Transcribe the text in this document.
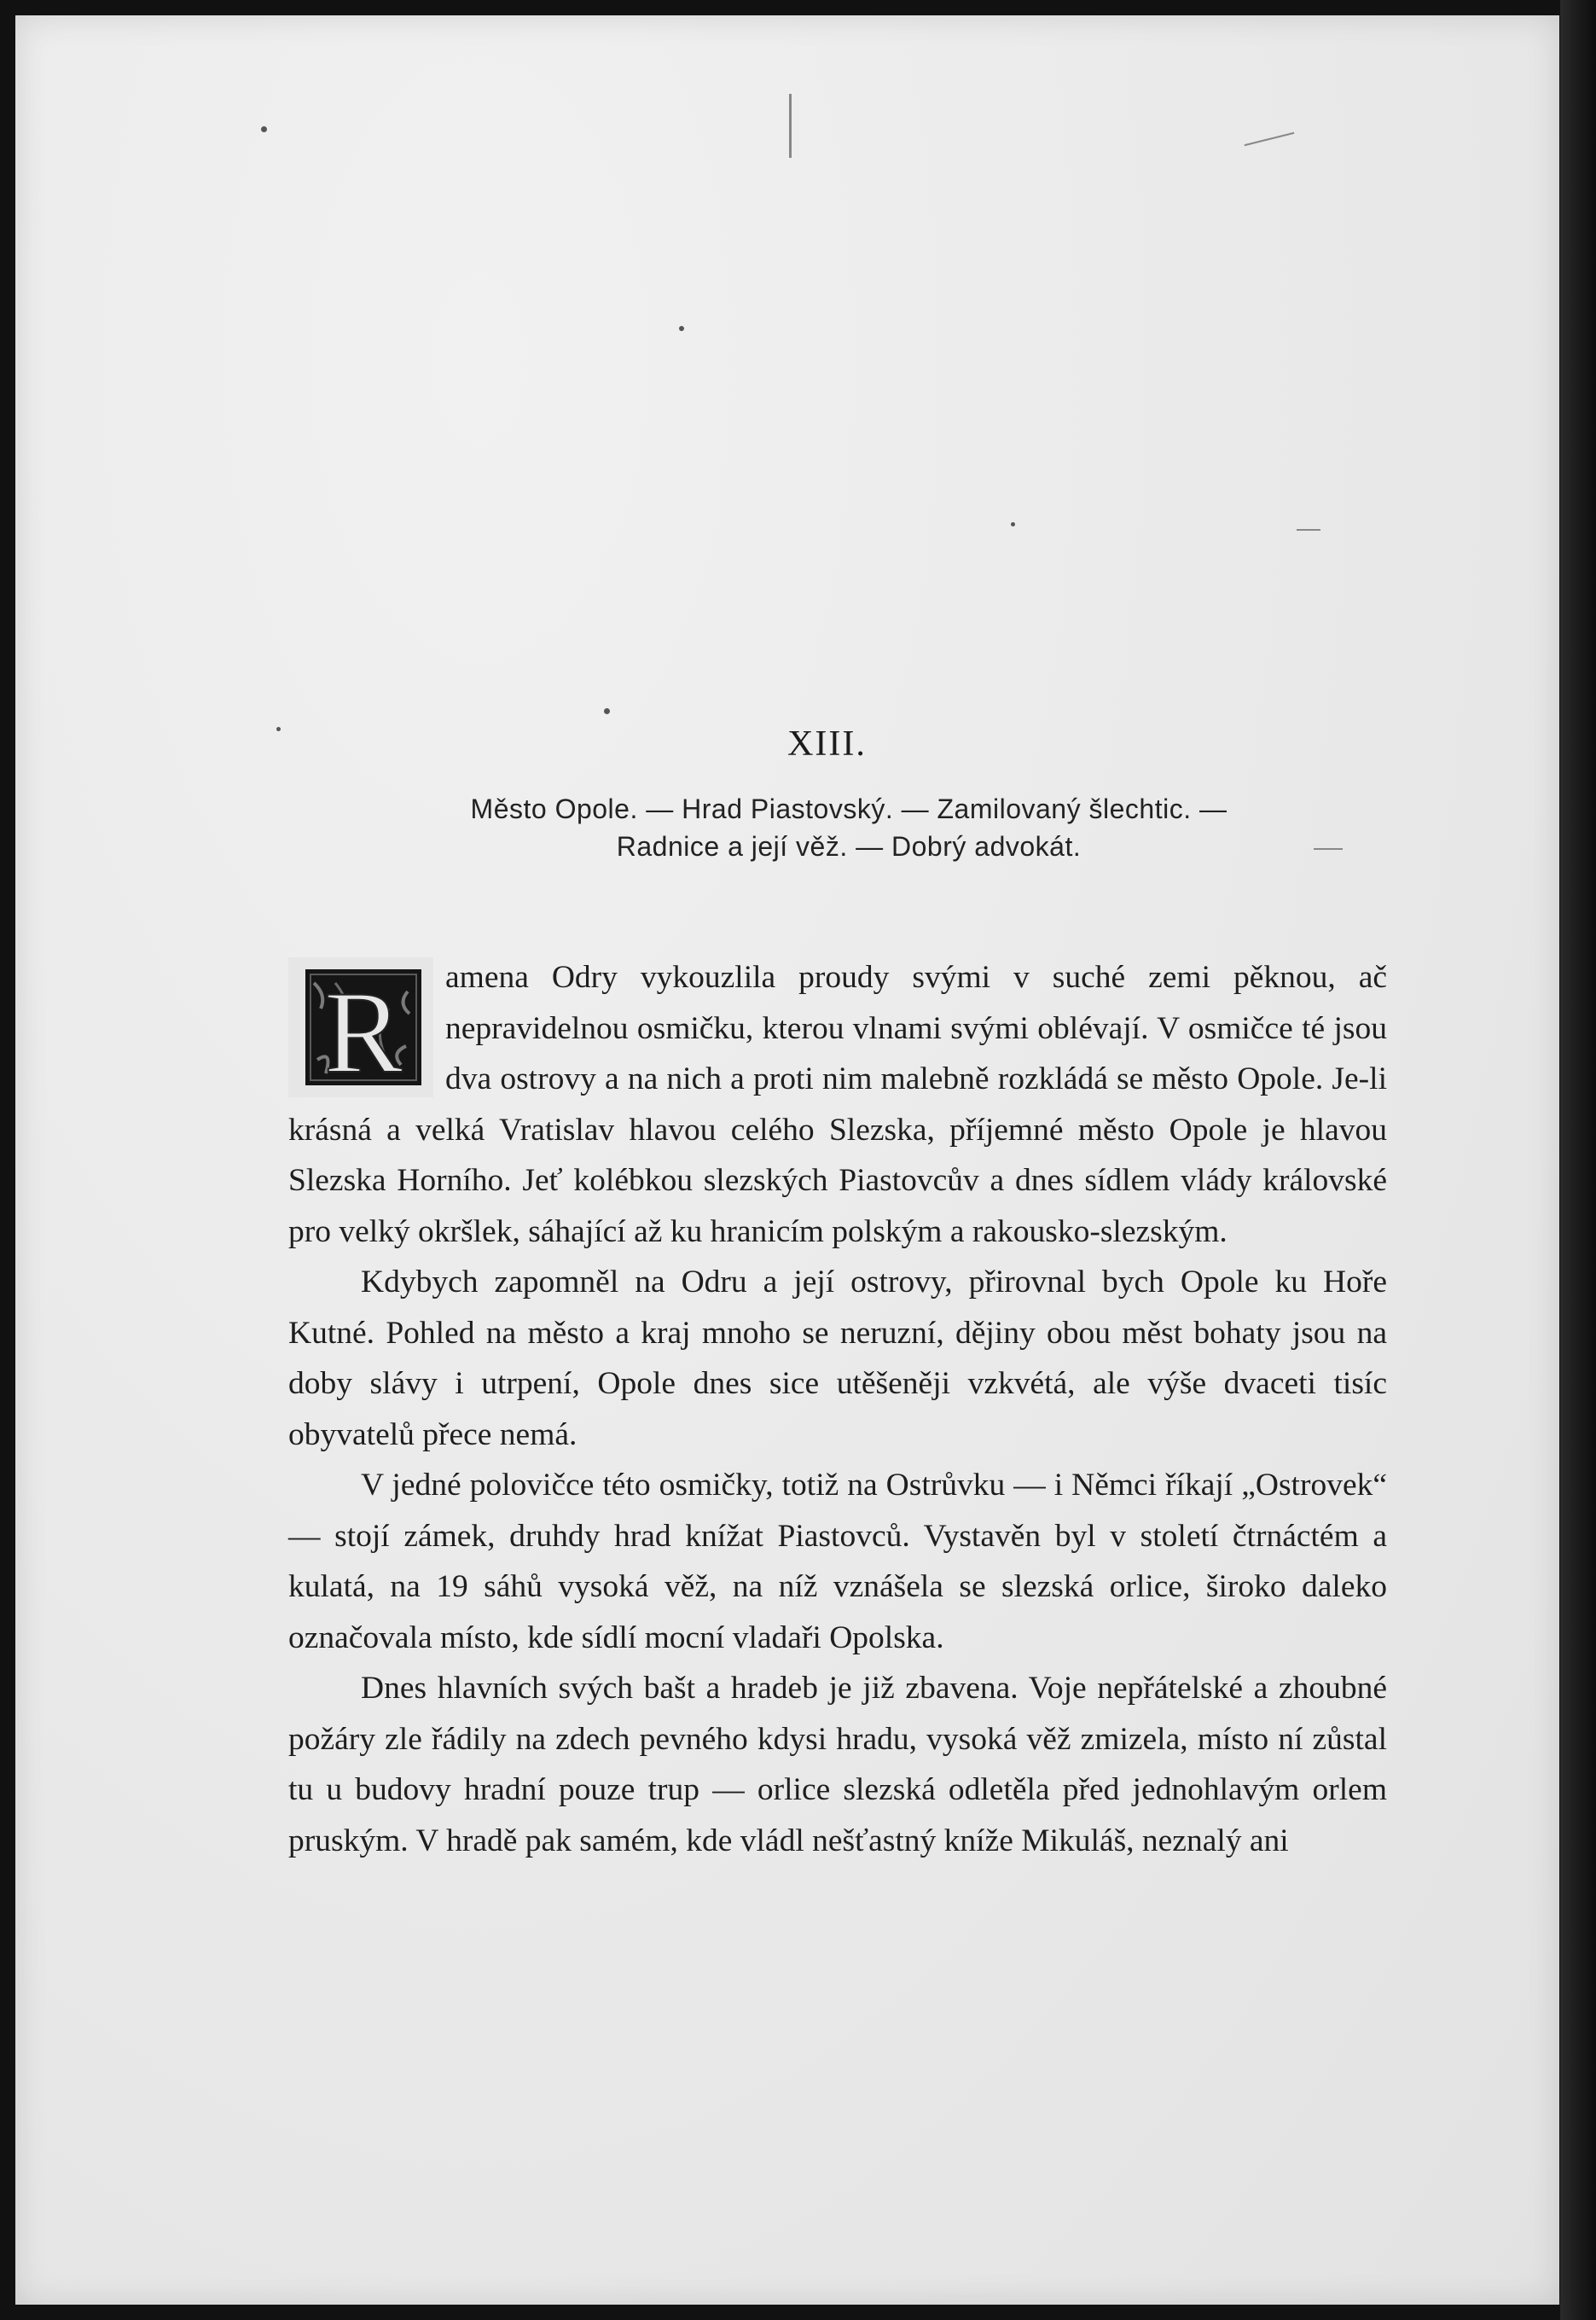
XIII.
Město Opole. — Hrad Piastovský. — Zamilovaný šlechtic. —
Radnice a její věž. — Dobrý advokát.

R amena Odry vykouzlila proudy svými v suché zemi pěknou, ač nepravidelnou osmičku, kterou vlnami svými oblévají. V osmičce té jsou dva ostrovy a na nich a proti nim malebně rozkládá se město Opole. Je-li krásná a velká Vratislav hlavou celého Slezska, příjemné město Opole je hlavou Slezska Horního. Jeť kolébkou slezských Piastovcův a dnes sídlem vlády královské pro velký okršlek, sáhající až ku hranicím polským a rakousko-slezským.

Kdybych zapomněl na Odru a její ostrovy, přirovnal bych Opole ku Hoře Kutné. Pohled na město a kraj mnoho se neruzní, dějiny obou měst bohaty jsou na doby slávy i utrpení, Opole dnes sice utěšeněji vzkvétá, ale výše dvaceti tisíc obyvatelů přece nemá.

V jedné polovičce této osmičky, totiž na Ostrůvku — i Němci říkají „Ostrovek“ — stojí zámek, druhdy hrad knížat Piastovců. Vystavěn byl v století čtrnáctém a kulatá, na 19 sáhů vysoká věž, na níž vznášela se slezská orlice, široko daleko označovala místo, kde sídlí mocní vladaři Opolska.

Dnes hlavních svých bašt a hradeb je již zbavena. Voje nepřátelské a zhoubné požáry zle řádily na zdech pevného kdysi hradu, vysoká věž zmizela, místo ní zůstal tu u budovy hradní pouze trup — orlice slezská odletěla před jednohlavým orlem pruským. V hradě pak samém, kde vládl nešťastný kníže Mikuláš, neznalý ani
